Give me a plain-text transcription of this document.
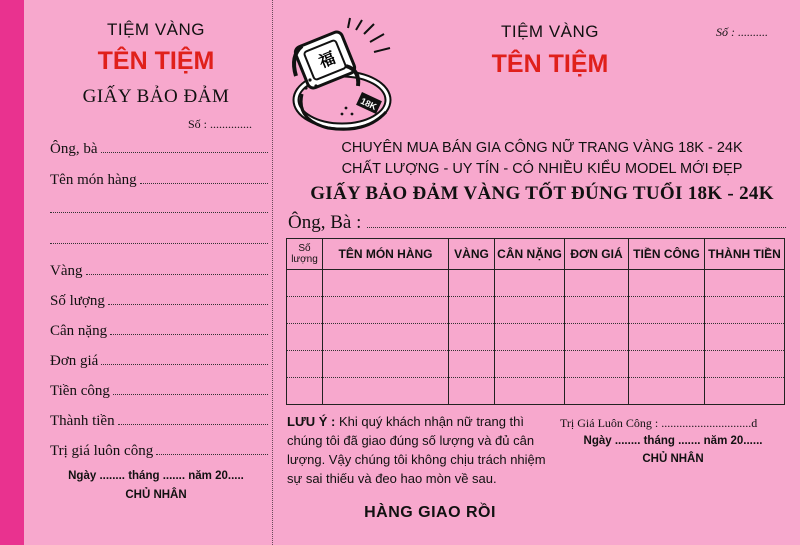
TIỆM VÀNG
TÊN TIỆM
GIẤY BẢO ĐẢM
Số : ..............
Ông, bà
Tên món hàng
Vàng
Số lượng
Cân nặng
Đơn giá
Tiền công
Thành tiền
Trị giá luôn công
Ngày ........ tháng ....... năm 20.....
CHỦ NHÂN
福
18K
Số : ..........
TIỆM VÀNG
TÊN TIỆM
CHUYÊN MUA BÁN GIA CÔNG NỮ TRANG VÀNG 18K - 24K
CHẤT LƯỢNG - UY TÍN - CÓ NHIỀU KIỂU MODEL MỚI ĐẸP
GIẤY BẢO ĐẢM VÀNG TỐT ĐÚNG TUỔI 18K - 24K
Ông, Bà :
Số
lượng	TÊN MÓN HÀNG	VÀNG	CÂN NẶNG	ĐƠN GIÁ	TIỀN CÔNG	THÀNH TIỀN

LƯU Ý : Khi quý khách nhận nữ trang thì chúng tôi đã giao đúng số lượng và đủ cân lượng. Vậy chúng tôi không chịu trách nhiệm sự sai thiếu và đeo hao mòn về sau.
HÀNG GIAO RỒI
Trị Giá Luôn Công : ..............................d
Ngày ........ tháng ....... năm 20......
CHỦ NHÂN
